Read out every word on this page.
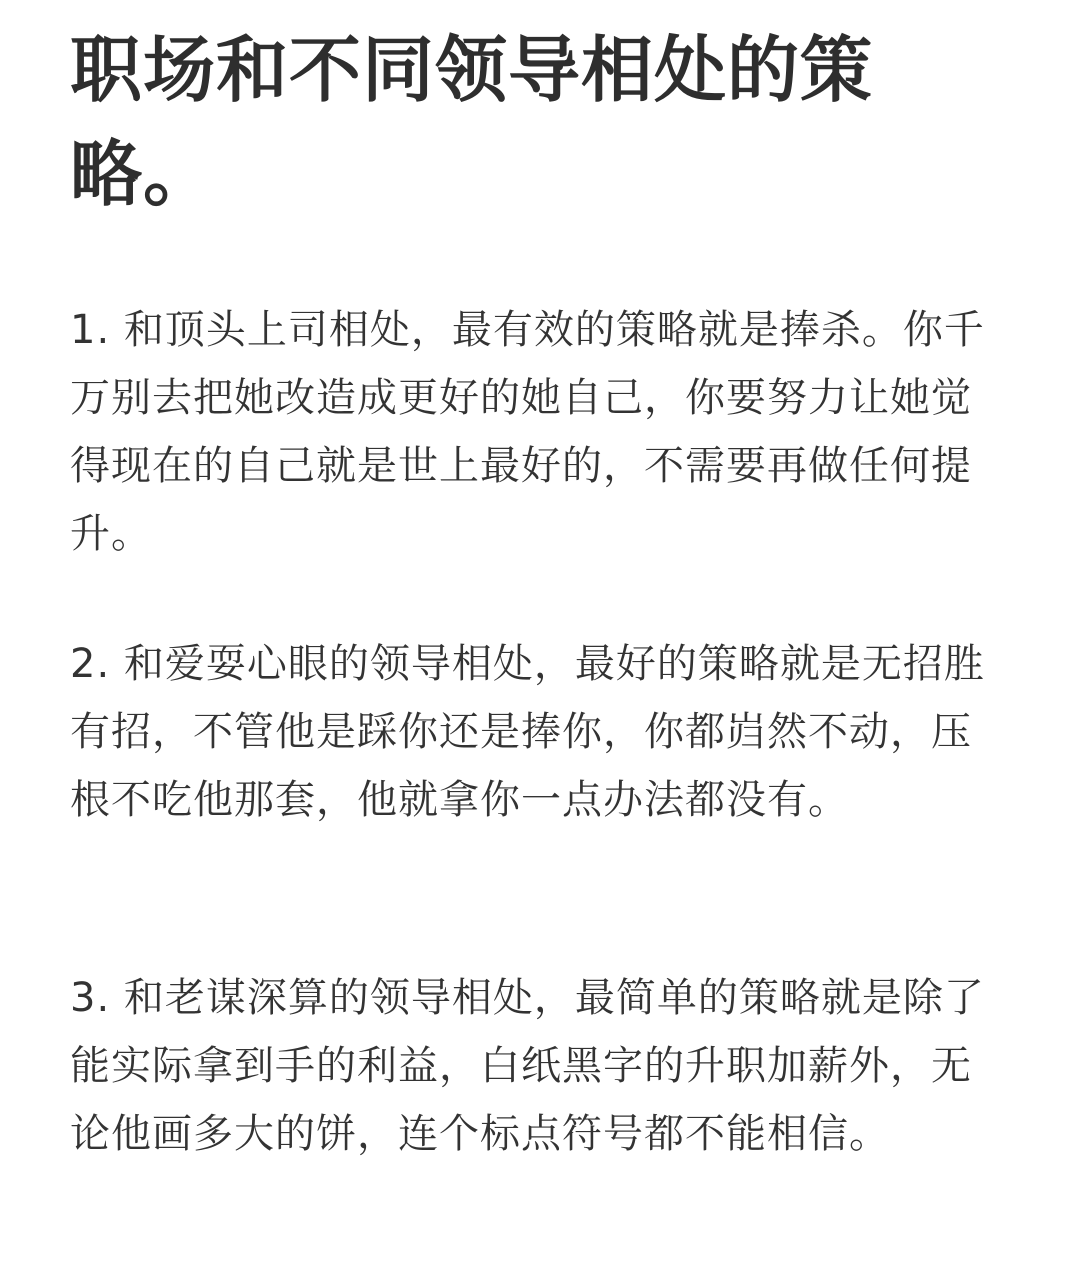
职场和不同领导相处的策略。

1. 和顶头上司相处，最有效的策略就是捧杀。你千万别去把她改造成更好的她自己，你要努力让她觉得现在的自己就是世上最好的，不需要再做任何提升。

2. 和爱耍心眼的领导相处，最好的策略就是无招胜有招，不管他是踩你还是捧你，你都岿然不动，压根不吃他那套，他就拿你一点办法都没有。

3. 和老谋深算的领导相处，最简单的策略就是除了能实际拿到手的利益，白纸黑字的升职加薪外，无论他画多大的饼，连个标点符号都不能相信。
